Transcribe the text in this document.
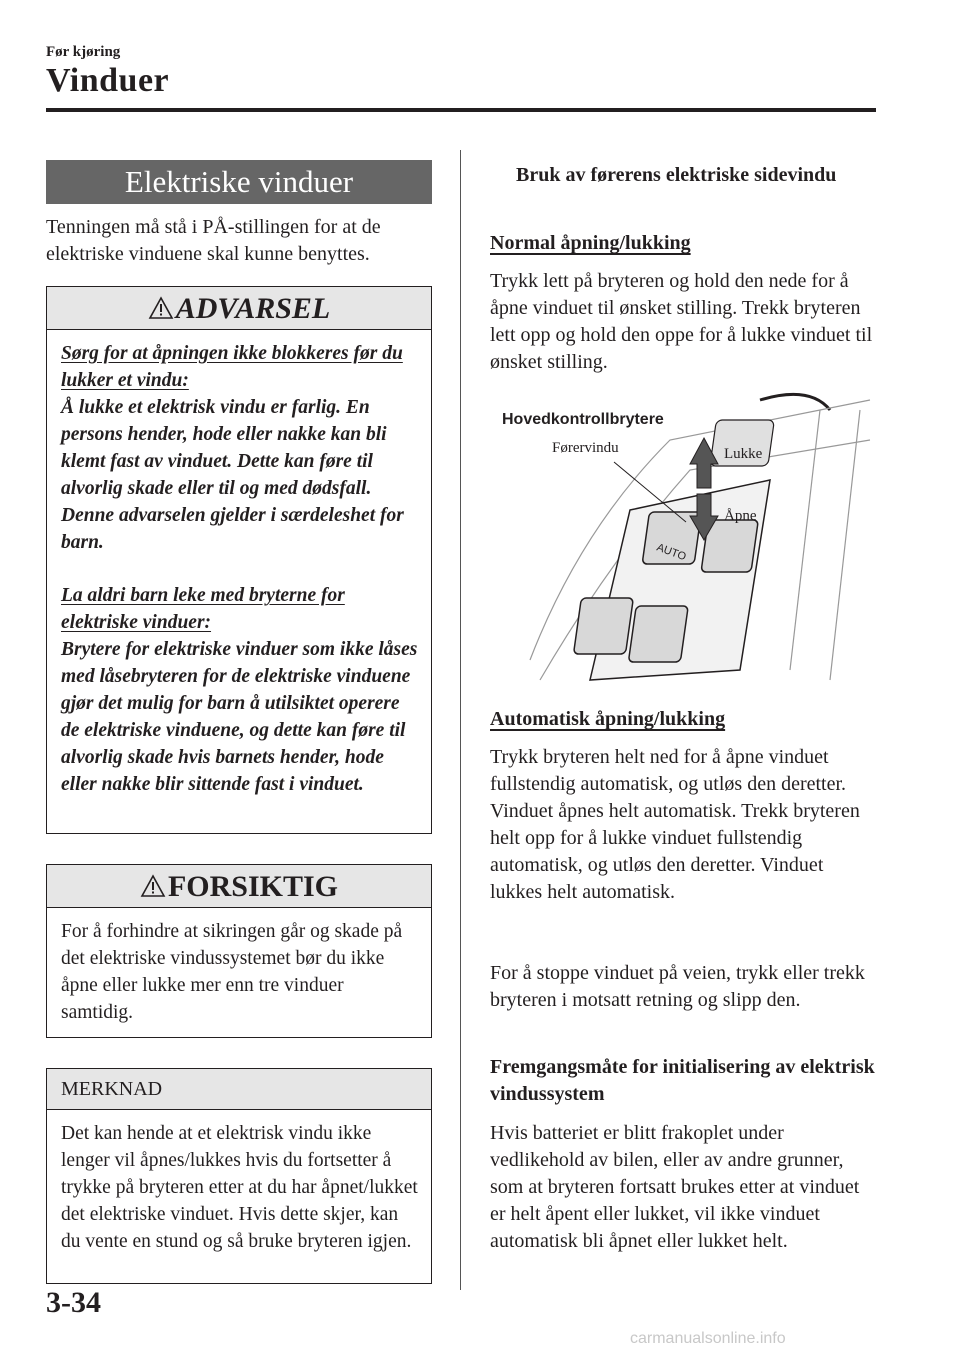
Før kjøring
Vinduer
Elektriske vinduer
Tenningen må stå i PÅ-stillingen for at de elektriske vinduene skal kunne benyttes.
ADVARSEL
Sørg for at åpningen ikke blokkeres før du lukker et vindu:
Å lukke et elektrisk vindu er farlig. En persons hender, hode eller nakke kan bli klemt fast av vinduet. Dette kan føre til alvorlig skade eller til og med dødsfall. Denne advarselen gjelder i særdeleshet for barn.
La aldri barn leke med bryterne for elektriske vinduer:
Brytere for elektriske vinduer som ikke låses med låsebryteren for de elektriske vinduene gjør det mulig for barn å utilsiktet operere de elektriske vinduene, og dette kan føre til alvorlig skade hvis barnets hender, hode eller nakke blir sittende fast i vinduet.
FORSIKTIG
For å forhindre at sikringen går og skade på det elektriske vindussystemet bør du ikke åpne eller lukke mer enn tre vinduer samtidig.
MERKNAD
Det kan hende at et elektrisk vindu ikke lenger vil åpnes/lukkes hvis du fortsetter å trykke på bryteren etter at du har åpnet/lukket det elektriske vinduet. Hvis dette skjer, kan du vente en stund og så bruke bryteren igjen.
Bruk av førerens elektriske sidevindu
Normal åpning/lukking
Trykk lett på bryteren og hold den nede for å åpne vinduet til ønsket stilling. Trekk bryteren lett opp og hold den oppe for å lukke vinduet til ønsket stilling.
AUTO
Hovedkontrollbrytere
Førervindu	Lukke
Åpne
Automatisk åpning/lukking
Trykk bryteren helt ned for å åpne vinduet fullstendig automatisk, og utløs den deretter. Vinduet åpnes helt automatisk. Trekk bryteren helt opp for å lukke vinduet fullstendig automatisk, og utløs den deretter. Vinduet lukkes helt automatisk.
For å stoppe vinduet på veien, trykk eller trekk bryteren i motsatt retning og slipp den.
Fremgangsmåte for initialisering av elektrisk vindussystem
Hvis batteriet er blitt frakoplet under vedlikehold av bilen, eller av andre grunner, som at bryteren fortsatt brukes etter at vinduet er helt åpent eller lukket, vil ikke vinduet automatisk bli åpnet eller lukket helt.
3-34
carmanualsonline.info
